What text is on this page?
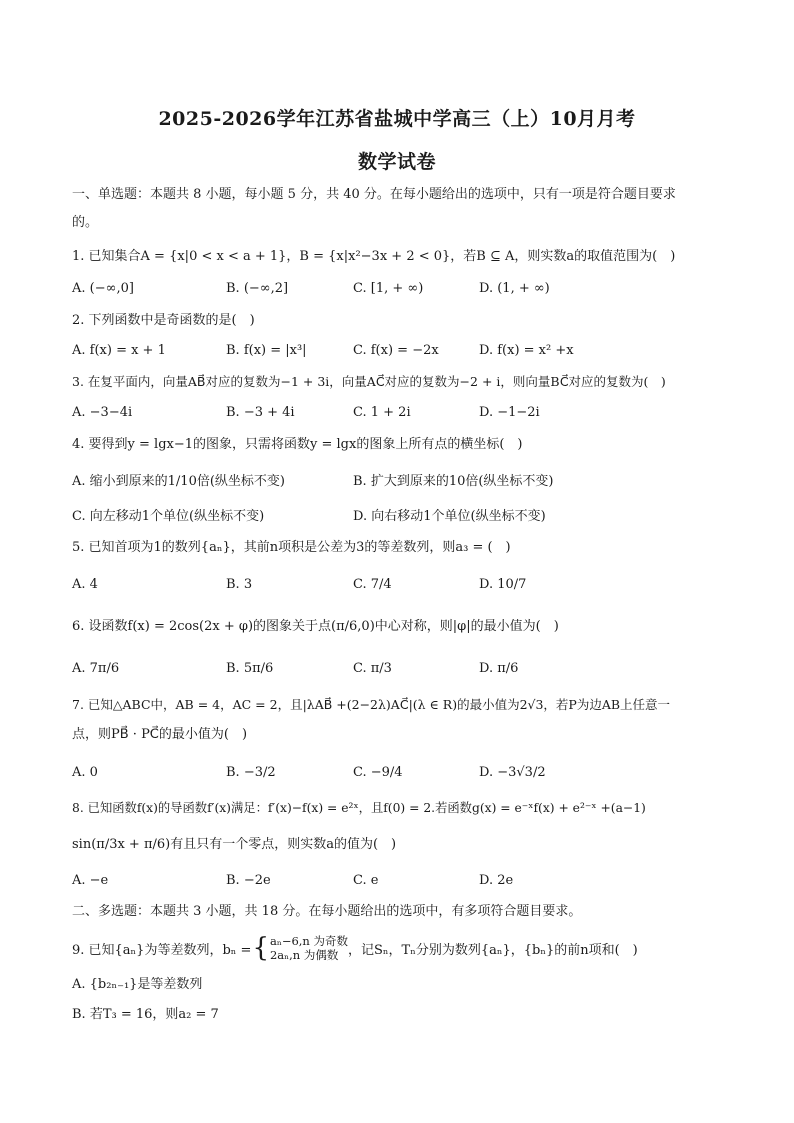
2025-2026学年江苏省盐城中学高三（上）10月月考
数学试卷
一、单选题：本题共 8 小题，每小题 5 分，共 40 分。在每小题给出的选项中，只有一项是符合题目要求
的。
1. 已知集合A = {x|0 < x < a + 1}，B = {x|x²−3x + 2 < 0}，若B ⊆ A，则实数a的取值范围为(　)
A. (−∞,0]	B. (−∞,2]	C. [1, + ∞)	D. (1, + ∞)
2. 下列函数中是奇函数的是(　)
A. f(x) = x + 1	B. f(x) = |x³|	C. f(x) = −2x	D. f(x) = x² +x
3. 在复平面内，向量AB⃗对应的复数为−1 + 3i，向量AC⃗对应的复数为−2 + i，则向量BC⃗对应的复数为(　)
A. −3−4i	B. −3 + 4i	C. 1 + 2i	D. −1−2i
4. 要得到y = lgx−1的图象，只需将函数y = lgx的图象上所有点的横坐标(　)
A. 缩小到原来的1/10倍(纵坐标不变)	B. 扩大到原来的10倍(纵坐标不变)
C. 向左移动1个单位(纵坐标不变)	D. 向右移动1个单位(纵坐标不变)
5. 已知首项为1的数列{aₙ}，其前n项积是公差为3的等差数列，则a₃ = (　)
A. 4	B. 3	C. 7/4	D. 10/7
6. 设函数f(x) = 2cos(2x + φ)的图象关于点(π/6,0)中心对称，则|φ|的最小值为(　)
A. 7π/6	B. 5π/6	C. π/3	D. π/6
7. 已知△ABC中，AB = 4，AC = 2，且|λAB⃗ +(2−2λ)AC⃗|(λ ∈ R)的最小值为2√3，若P为边AB上任意一
点，则PB⃗ · PC⃗的最小值为(　)
A. 0	B. −3/2	C. −9/4	D. −3√3/2
8. 已知函数f(x)的导函数f′(x)满足：f′(x)−f(x) = e²ˣ，且f(0) = 2.若函数g(x) = e⁻ˣf(x) + e²⁻ˣ +(a−1)
sin(π/3x + π/6)有且只有一个零点，则实数a的值为(　)
A. −e	B. −2e	C. e	D. 2e
二、多选题：本题共 3 小题，共 18 分。在每小题给出的选项中，有多项符合题目要求。
9. 已知{aₙ}为等差数列，bₙ = { aₙ−6,n 为奇数
2aₙ,n 为偶数 ，记Sₙ，Tₙ分别为数列{aₙ}，{bₙ}的前n项和(　)
A. {b₂ₙ₋₁}是等差数列
B. 若T₃ = 16，则a₂ = 7
